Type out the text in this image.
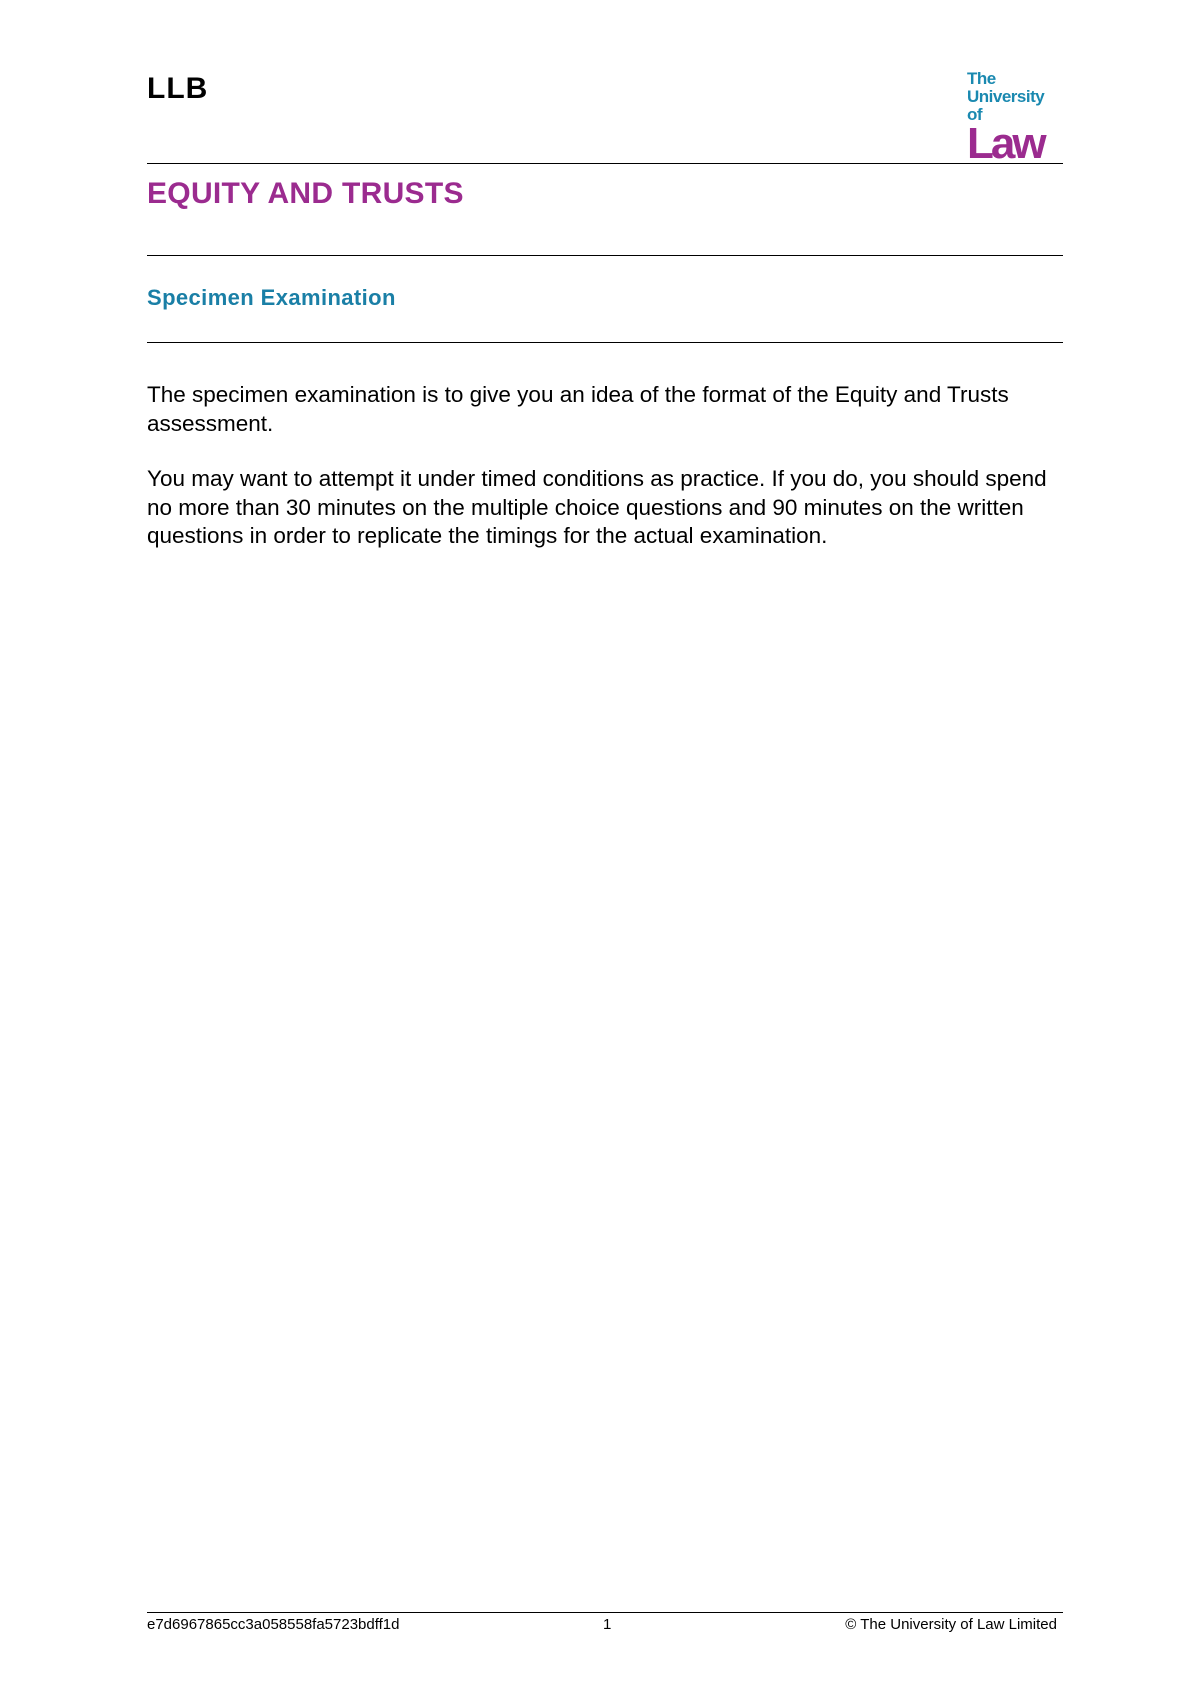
LLB	The
University of
Law
EQUITY AND TRUSTS
Specimen Examination

The specimen examination is to give you an idea of the format of the Equity and Trusts assessment.

You may want to attempt it under timed conditions as practice. If you do, you should spend no more than 30 minutes on the multiple choice questions and 90 minutes on the written questions in order to replicate the timings for the actual examination.

e7d6967865cc3a058558fa5723bdff1d	1	© The University of Law Limited
